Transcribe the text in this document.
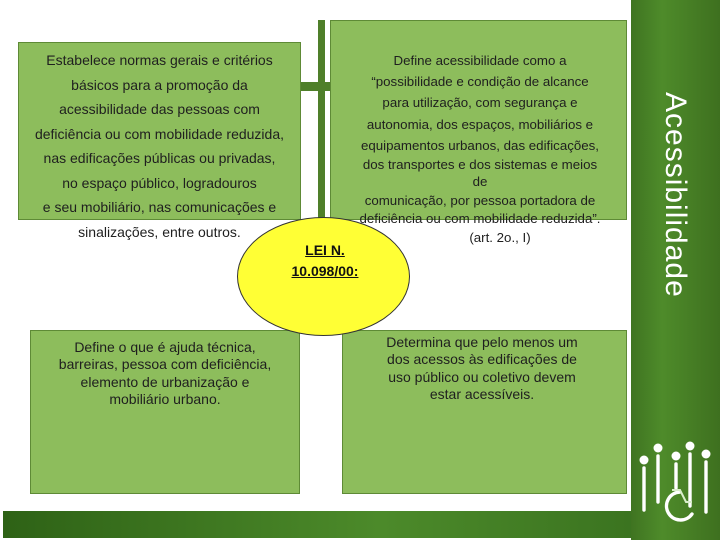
Estabelece normas gerais e critérios
básicos para a promoção da
acessibilidade das pessoas com
deficiência ou com mobilidade reduzida,
nas edificações públicas ou privadas,
no espaço público, logradouros
e seu mobiliário, nas comunicações e
sinalizações, entre outros.
Define acessibilidade como a
“possibilidade e condição de alcance
para utilização, com segurança e
autonomia, dos espaços, mobiliários e
equipamentos urbanos, das edificações,
dos transportes e dos sistemas e meios
de
comunicação, por pessoa portadora de
deficiência ou com mobilidade reduzida”.
(art. 2o., I)
Define o que é ajuda técnica,
barreiras, pessoa com deficiência,
elemento de urbanização e
mobiliário urbano.
Determina que pelo menos um
dos acessos às edificações de
uso público ou coletivo devem
estar acessíveis.
LEI N.
10.098/00:	Acessibilidade
